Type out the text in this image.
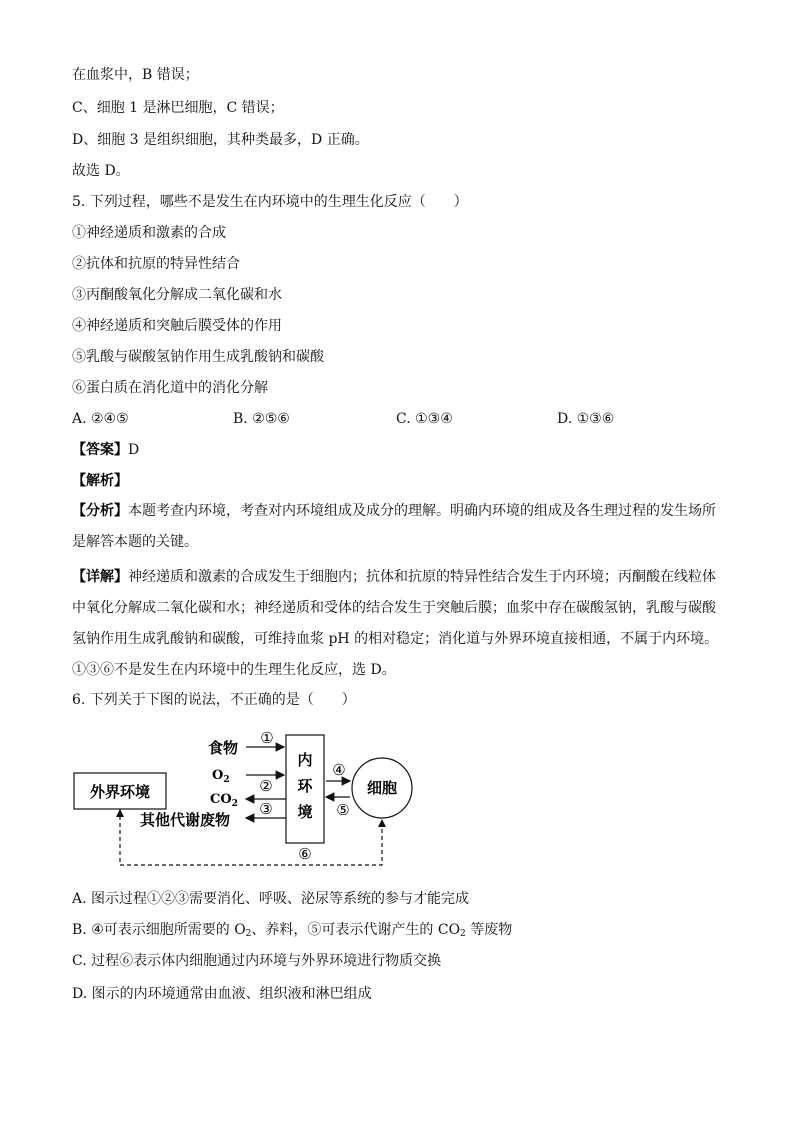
在血浆中，B 错误；
C、细胞 1 是淋巴细胞，C 错误；
D、细胞 3 是组织细胞，其种类最多，D 正确。
故选 D。
5. 下列过程，哪些不是发生在内环境中的生理生化反应（　　）
①神经递质和激素的合成
②抗体和抗原的特异性结合
③丙酮酸氧化分解成二氧化碳和水
④神经递质和突触后膜受体的作用
⑤乳酸与碳酸氢钠作用生成乳酸钠和碳酸
⑥蛋白质在消化道中的消化分解
A. ②④⑤	B. ②⑤⑥	C. ①③④	D. ①③⑥
【答案】D
【解析】
【分析】本题考查内环境，考查对内环境组成及成分的理解。明确内环境的组成及各生理过程的发生场所是解答本题的关键。
【详解】神经递质和激素的合成发生于细胞内；抗体和抗原的特异性结合发生于内环境；丙酮酸在线粒体中氧化分解成二氧化碳和水；神经递质和受体的结合发生于突触后膜；血浆中存在碳酸氢钠，乳酸与碳酸氢钠作用生成乳酸钠和碳酸，可维持血浆 pH 的相对稳定；消化道与外界环境直接相通，不属于内环境。①③⑥不是发生在内环境中的生理生化反应，选 D。
6. 下列关于下图的说法，不正确的是（　　）
外界环境
内
环
境
细胞
食物
①
$O_2$ ②
$CO_2$ ③
其他代谢废物
④
⑤
⑥
A. 图示过程①②③需要消化、呼吸、泌尿等系统的参与才能完成
B. ④可表示细胞所需要的 $O_2$、养料，⑤可表示代谢产生的 $CO_2$ 等废物
C. 过程⑥表示体内细胞通过内环境与外界环境进行物质交换
D. 图示的内环境通常由血液、组织液和淋巴组成
